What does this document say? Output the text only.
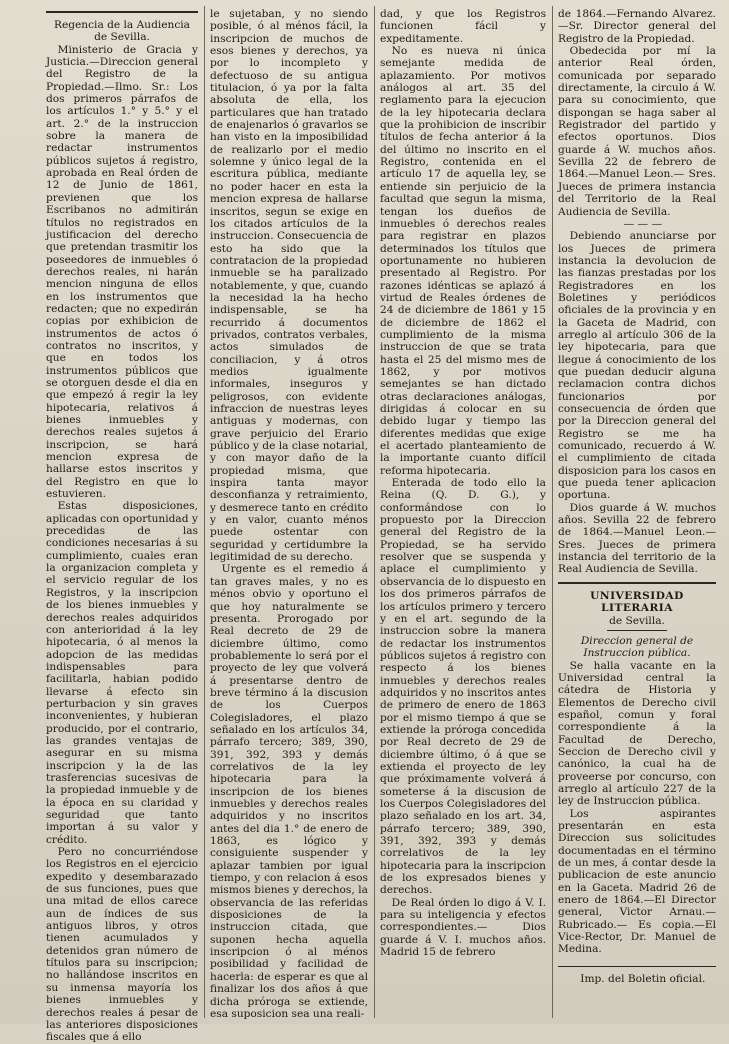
Regencia de la Audiencia de Sevilla.

Ministerio de Gracia y Justicia.—Direccion general del Registro de la Propiedad.—Ilmo. Sr.: Los dos primeros párrafos de los artículos 1.° y 5.° y el art. 2.° de la instruccion sobre la manera de redactar instrumentos públicos sujetos á registro, aprobada en Real órden de 12 de Junio de 1861, previenen que los Escribanos no admitirán títulos no registrados en justificacion del derecho que pretendan trasmitir los poseedores de inmuebles ó derechos reales, ni harán mencion ninguna de ellos en los instrumentos que redacten; que no expedirán copias por exhibicion de instrumentos de actos ó contratos no inscritos, y que en todos los instrumentos públicos que se otorguen desde el dia en que empezó á regir la ley hipotecaria, relativos á bienes inmuebles y derechos reales sujetos á inscripcion, se hará mencion expresa de hallarse estos inscritos y del Registro en que lo estuvieren.

Estas disposiciones, aplicadas con oportunidad y precedidas de las condiciones necesarias á su cumplimiento, cuales eran la organizacion completa y el servicio regular de los Registros, y la inscripcion de los bienes inmuebles y derechos reales adquiridos con anterioridad á la ley hipotecaria, ó al menos la adopcion de las medidas indispensables para facilitarla, habian podido llevarse á efecto sin perturbacion y sin graves inconvenientes, y hubieran producido, por el contrario, las grandes ventajas de asegurar en su misma inscripcion y la de las trasferencias sucesivas de la propiedad inmueble y de la época en su claridad y seguridad que tanto importan á su valor y crédito.

Pero no concurriéndose los Registros en el ejercicio expedito y desembarazado de sus funciones, pues que una mitad de ellos carece aun de índices de sus antiguos libros, y otros tienen acumulados y detenidos gran número de títulos para su inscripcion; no hallándose inscritos en su inmensa mayoría los bienes inmuebles y derechos reales á pesar de las anteriores disposiciones fiscales que á ello

le sujetaban, y no siendo posible, ó al ménos fácil, la inscripcion de muchos de esos bienes y derechos, ya por lo incompleto y defectuoso de su antigua titulacion, ó ya por la falta absoluta de ella, los particulares que han tratado de enajenarlos ó gravarlos se han visto en la imposibilidad de realizarlo por el medio solemne y único legal de la escritura pública, mediante no poder hacer en esta la mencion expresa de hallarse inscritos, segun se exige en los citados artículos de la instruccion. Consecuencia de esto ha sido que la contratacion de la propiedad inmueble se ha paralizado notablemente, y que, cuando la necesidad la ha hecho indispensable, se ha recurrido á documentos privados, contratos verbales, actos simulados de conciliacion, y á otros medios igualmente informales, inseguros y peligrosos, con evidente infraccion de nuestras leyes antiguas y modernas, con grave perjuicio del Erario público y de la clase notarial, y con mayor daño de la propiedad misma, que inspira tanta mayor desconfianza y retraimiento, y desmerece tanto en crédito y en valor, cuanto ménos puede ostentar con seguridad y certidumbre la legitimidad de su derecho.

Urgente es el remedio á tan graves males, y no es ménos obvio y oportuno el que hoy naturalmente se presenta. Prorogado por Real decreto de 29 de diciembre último, como probablemente lo será por el proyecto de ley que volverá á presentarse dentro de breve término á la discusion de los Cuerpos Colegisladores, el plazo señalado en los artículos 34, párrafo tercero; 389, 390, 391, 392, 393 y demás correlativos de la ley hipotecaria para la inscripcion de los bienes inmuebles y derechos reales adquiridos y no inscritos antes del dia 1.° de enero de 1863, es lógico y consiguiente suspender y aplazar tambien por igual tiempo, y con relacion á esos mismos bienes y derechos, la observancia de las referidas disposiciones de la instruccion citada, que suponen hecha aquella inscripcion ó al ménos posibilidad y facilidad de hacerla: de esperar es que al finalizar los dos años á que dicha próroga se extiende, esa suposicion sea una reali-

dad, y que los Registros funcionen fácil y expeditamente.

No es nueva ni única semejante medida de aplazamiento. Por motivos análogos al art. 35 del reglamento para la ejecucion de la ley hipotecaria declara que la prohibicion de inscribir títulos de fecha anterior á la del último no inscrito en el Registro, contenida en el artículo 17 de aquella ley, se entiende sin perjuicio de la facultad que segun la misma, tengan los dueños de inmuebles ó derechos reales para registrar en plazos determinados los títulos que oportunamente no hubieren presentado al Registro. Por razones idénticas se aplazó á virtud de Reales órdenes de 24 de diciembre de 1861 y 15 de diciembre de 1862 el cumplimiento de la misma instruccion de que se trata hasta el 25 del mismo mes de 1862, y por motivos semejantes se han dictado otras declaraciones análogas, dirigidas á colocar en su debido lugar y tiempo las diferentes medidas que exige el acertado planteamiento de la importante cuanto difícil reforma hipotecaria.

Enterada de todo ello la Reina (Q. D. G.), y conformándose con lo propuesto por la Direccion general del Registro de la Propiedad, se ha servido resolver que se suspenda y aplace el cumplimiento y observancia de lo dispuesto en los dos primeros párrafos de los artículos primero y tercero y en el art. segundo de la instruccion sobre la manera de redactar los instrumentos públicos sujetos á registro con respecto á los bienes inmuebles y derechos reales adquiridos y no inscritos antes de primero de enero de 1863 por el mismo tiempo á que se extiende la próroga concedida por Real decreto de 29 de diciembre último, ó á que se extienda el proyecto de ley que próximamente volverá á someterse á la discusion de los Cuerpos Colegisladores del plazo señalado en los art. 34, párrafo tercero; 389, 390, 391, 392, 393 y demás correlativos de la ley hipotecaria para la inscripcion de los expresados bienes y derechos.

De Real órden lo digo á V. I. para su inteligencia y efectos correspondientes.— Dios guarde á V. I. muchos años. Madrid 15 de febrero

de 1864.—Fernando Alvarez.—Sr. Director general del Registro de la Propiedad.

Obedecida por mí la anterior Real órden, comunicada por separado directamente, la circulo á W. para su conocimiento, que dispongan se haga saber al Registrador del partido y efectos oportunos. Dios guarde á W. muchos años. Sevilla 22 de febrero de 1864.—Manuel Leon.— Sres. Jueces de primera instancia del Territorio de la Real Audiencia de Sevilla.

— — —

Debiendo anunciarse por los Jueces de primera instancia la devolucion de las fianzas prestadas por los Registradores en los Boletines y periódicos oficiales de la provincia y en la Gaceta de Madrid, con arreglo al artículo 306 de la ley hipotecaria, para que llegue á conocimiento de los que puedan deducir alguna reclamacion contra dichos funcionarios por consecuencia de órden que por la Direccion general del Registro se me ha comunicado, recuerdo á W. el cumplimiento de citada disposicion para los casos en que pueda tener aplicacion oportuna.

Dios guarde á W. muchos años. Sevilla 22 de febrero de 1864.—Manuel Leon.— Sres. Jueces de primera instancia del territorio de la Real Audiencia de Sevilla.

UNIVERSIDAD LITERARIA

de Sevilla.

Direccion general de Instruccion pública.

Se halla vacante en la Universidad central la cátedra de Historia y Elementos de Derecho civil español, comun y foral correspondiente á la Facultad de Derecho, Seccion de Derecho civil y canónico, la cual ha de proveerse por concurso, con arreglo al artículo 227 de la ley de Instruccion pública.

Los aspirantes presentarán en esta Direccion sus solicitudes documentadas en el término de un mes, á contar desde la publicacion de este anuncio en la Gaceta. Madrid 26 de enero de 1864.—El Director general, Victor Arnau.—Rubricado.— Es copia.—El Vice-Rector, Dr. Manuel de Medina.

Imp. del Boletin oficial.
